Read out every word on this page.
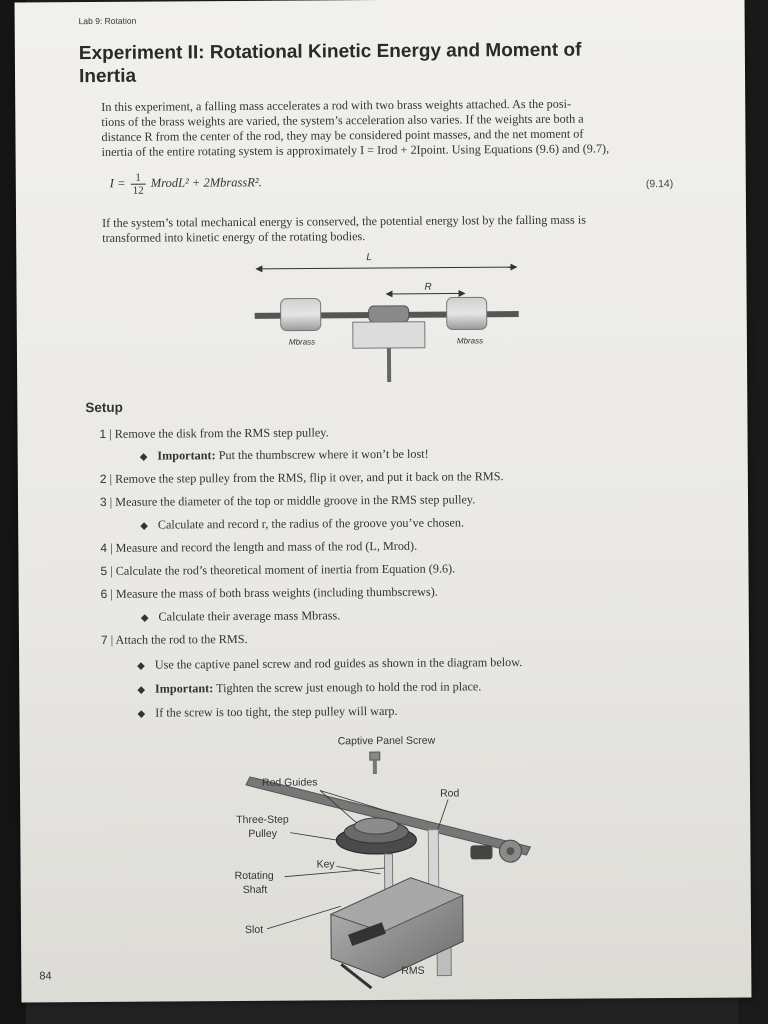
Lab 9: Rotation
Experiment II: Rotational Kinetic Energy and Moment of Inertia
In this experiment, a falling mass accelerates a rod with two brass weights attached. As the posi-
tions of the brass weights are varied, the system’s acceleration also varies. If the weights are both a
distance R from the center of the rod, they may be considered point masses, and the net moment of
inertia of the entire rotating system is approximately I = Irod + 2Ipoint. Using Equations (9.6) and (9.7),
$I = \frac{1}{12}$ MrodL² + 2MbrassR².	(9.14)
If the system’s total mechanical energy is conserved, the potential energy lost by the falling mass is
transformed into kinetic energy of the rotating bodies.
L
R
Mbrass	Mbrass
Setup
1 | Remove the disk from the RMS step pulley.
◆ Important: Put the thumbscrew where it won’t be lost!
2 | Remove the step pulley from the RMS, flip it over, and put it back on the RMS.
3 | Measure the diameter of the top or middle groove in the RMS step pulley.
◆ Calculate and record r, the radius of the groove you’ve chosen.
4 | Measure and record the length and mass of the rod (L, Mrod).
5 | Calculate the rod’s theoretical moment of inertia from Equation (9.6).
6 | Measure the mass of both brass weights (including thumbscrews).
◆ Calculate their average mass Mbrass.
7 | Attach the rod to the RMS.
◆ Use the captive panel screw and rod guides as shown in the diagram below.
◆ Important: Tighten the screw just enough to hold the rod in place.
◆ If the screw is too tight, the step pulley will warp.
Captive Panel Screw
Rod Guides
Rod
Three-Step
Pulley
Key
Rotating
Shaft
Slot
RMS
84
